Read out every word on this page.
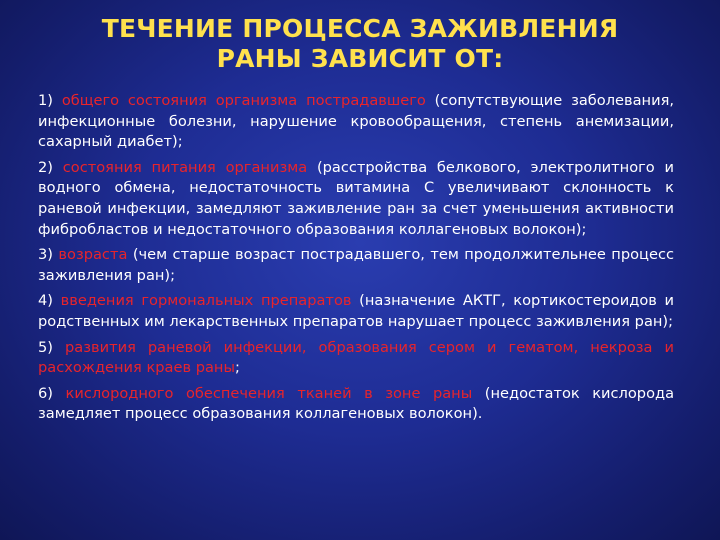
ТЕЧЕНИЕ ПРОЦЕССА ЗАЖИВЛЕНИЯ
РАНЫ ЗАВИСИТ ОТ:
1) общего состояния организма пострадавшего (сопутствующие заболевания, инфекционные болезни, нарушение кровообращения, степень анемизации, сахарный диабет);
2) состояния питания организма (расстройства белкового, электролитного и водного обмена, недостаточность витамина С увеличивают склонность к раневой инфекции, замедляют заживление ран за счет уменьшения активности фибробластов и недостаточного образования коллагеновых волокон);
3) возраста (чем старше возраст пострадавшего, тем продолжительнее процесс заживления ран);
4) введения гормональных препаратов (назначение АКТГ, кортикостероидов и родственных им лекарственных препаратов нарушает процесс заживления ран);
5) развития раневой инфекции, образования сером и гематом, некроза и расхождения краев раны;
6) кислородного обеспечения тканей в зоне раны (недостаток кислорода замедляет процесс образования коллагеновых волокон).
